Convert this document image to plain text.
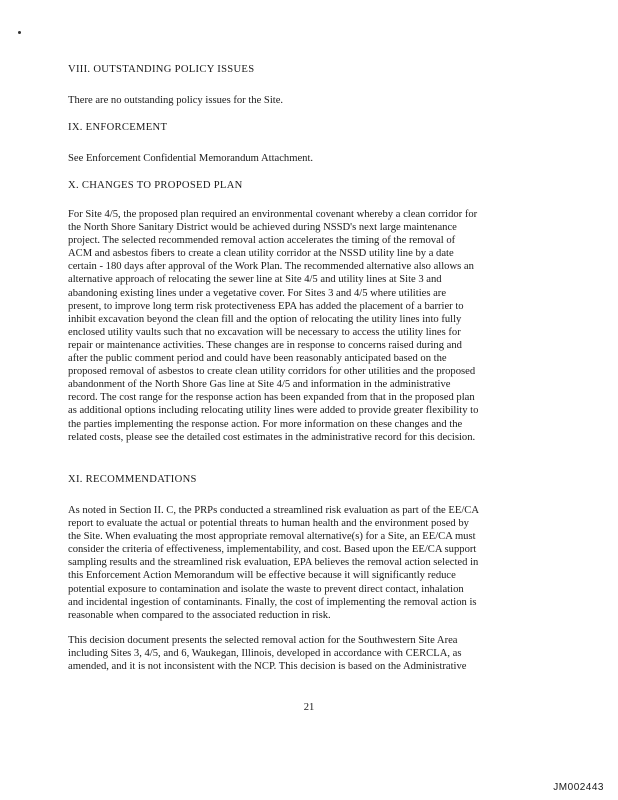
VIII. OUTSTANDING POLICY ISSUES
There are no outstanding policy issues for the Site.
IX. ENFORCEMENT
See Enforcement Confidential Memorandum Attachment.
X. CHANGES TO PROPOSED PLAN
For Site 4/5, the proposed plan required an environmental covenant whereby a clean corridor for
the North Shore Sanitary District would be achieved during NSSD's next large maintenance
project. The selected recommended removal action accelerates the timing of the removal of
ACM and asbestos fibers to create a clean utility corridor at the NSSD utility line by a date
certain - 180 days after approval of the Work Plan. The recommended alternative also allows an
alternative approach of relocating the sewer line at Site 4/5 and utility lines at Site 3 and
abandoning existing lines under a vegetative cover. For Sites 3 and 4/5 where utilities are
present, to improve long term risk protectiveness EPA has added the placement of a barrier to
inhibit excavation beyond the clean fill and the option of relocating the utility lines into fully
enclosed utility vaults such that no excavation will be necessary to access the utility lines for
repair or maintenance activities. These changes are in response to concerns raised during and
after the public comment period and could have been reasonably anticipated based on the
proposed removal of asbestos to create clean utility corridors for other utilities and the proposed
abandonment of the North Shore Gas line at Site 4/5 and information in the administrative
record. The cost range for the response action has been expanded from that in the proposed plan
as additional options including relocating utility lines were added to provide greater flexibility to
the parties implementing the response action. For more information on these changes and the
related costs, please see the detailed cost estimates in the administrative record for this decision.
XI. RECOMMENDATIONS
As noted in Section II. C, the PRPs conducted a streamlined risk evaluation as part of the EE/CA
report to evaluate the actual or potential threats to human health and the environment posed by
the Site. When evaluating the most appropriate removal alternative(s) for a Site, an EE/CA must
consider the criteria of effectiveness, implementability, and cost. Based upon the EE/CA support
sampling results and the streamlined risk evaluation, EPA believes the removal action selected in
this Enforcement Action Memorandum will be effective because it will significantly reduce
potential exposure to contamination and isolate the waste to prevent direct contact, inhalation
and incidental ingestion of contaminants. Finally, the cost of implementing the removal action is
reasonable when compared to the associated reduction in risk.
This decision document presents the selected removal action for the Southwestern Site Area
including Sites 3, 4/5, and 6, Waukegan, Illinois, developed in accordance with CERCLA, as
amended, and it is not inconsistent with the NCP. This decision is based on the Administrative
21
JM002443
